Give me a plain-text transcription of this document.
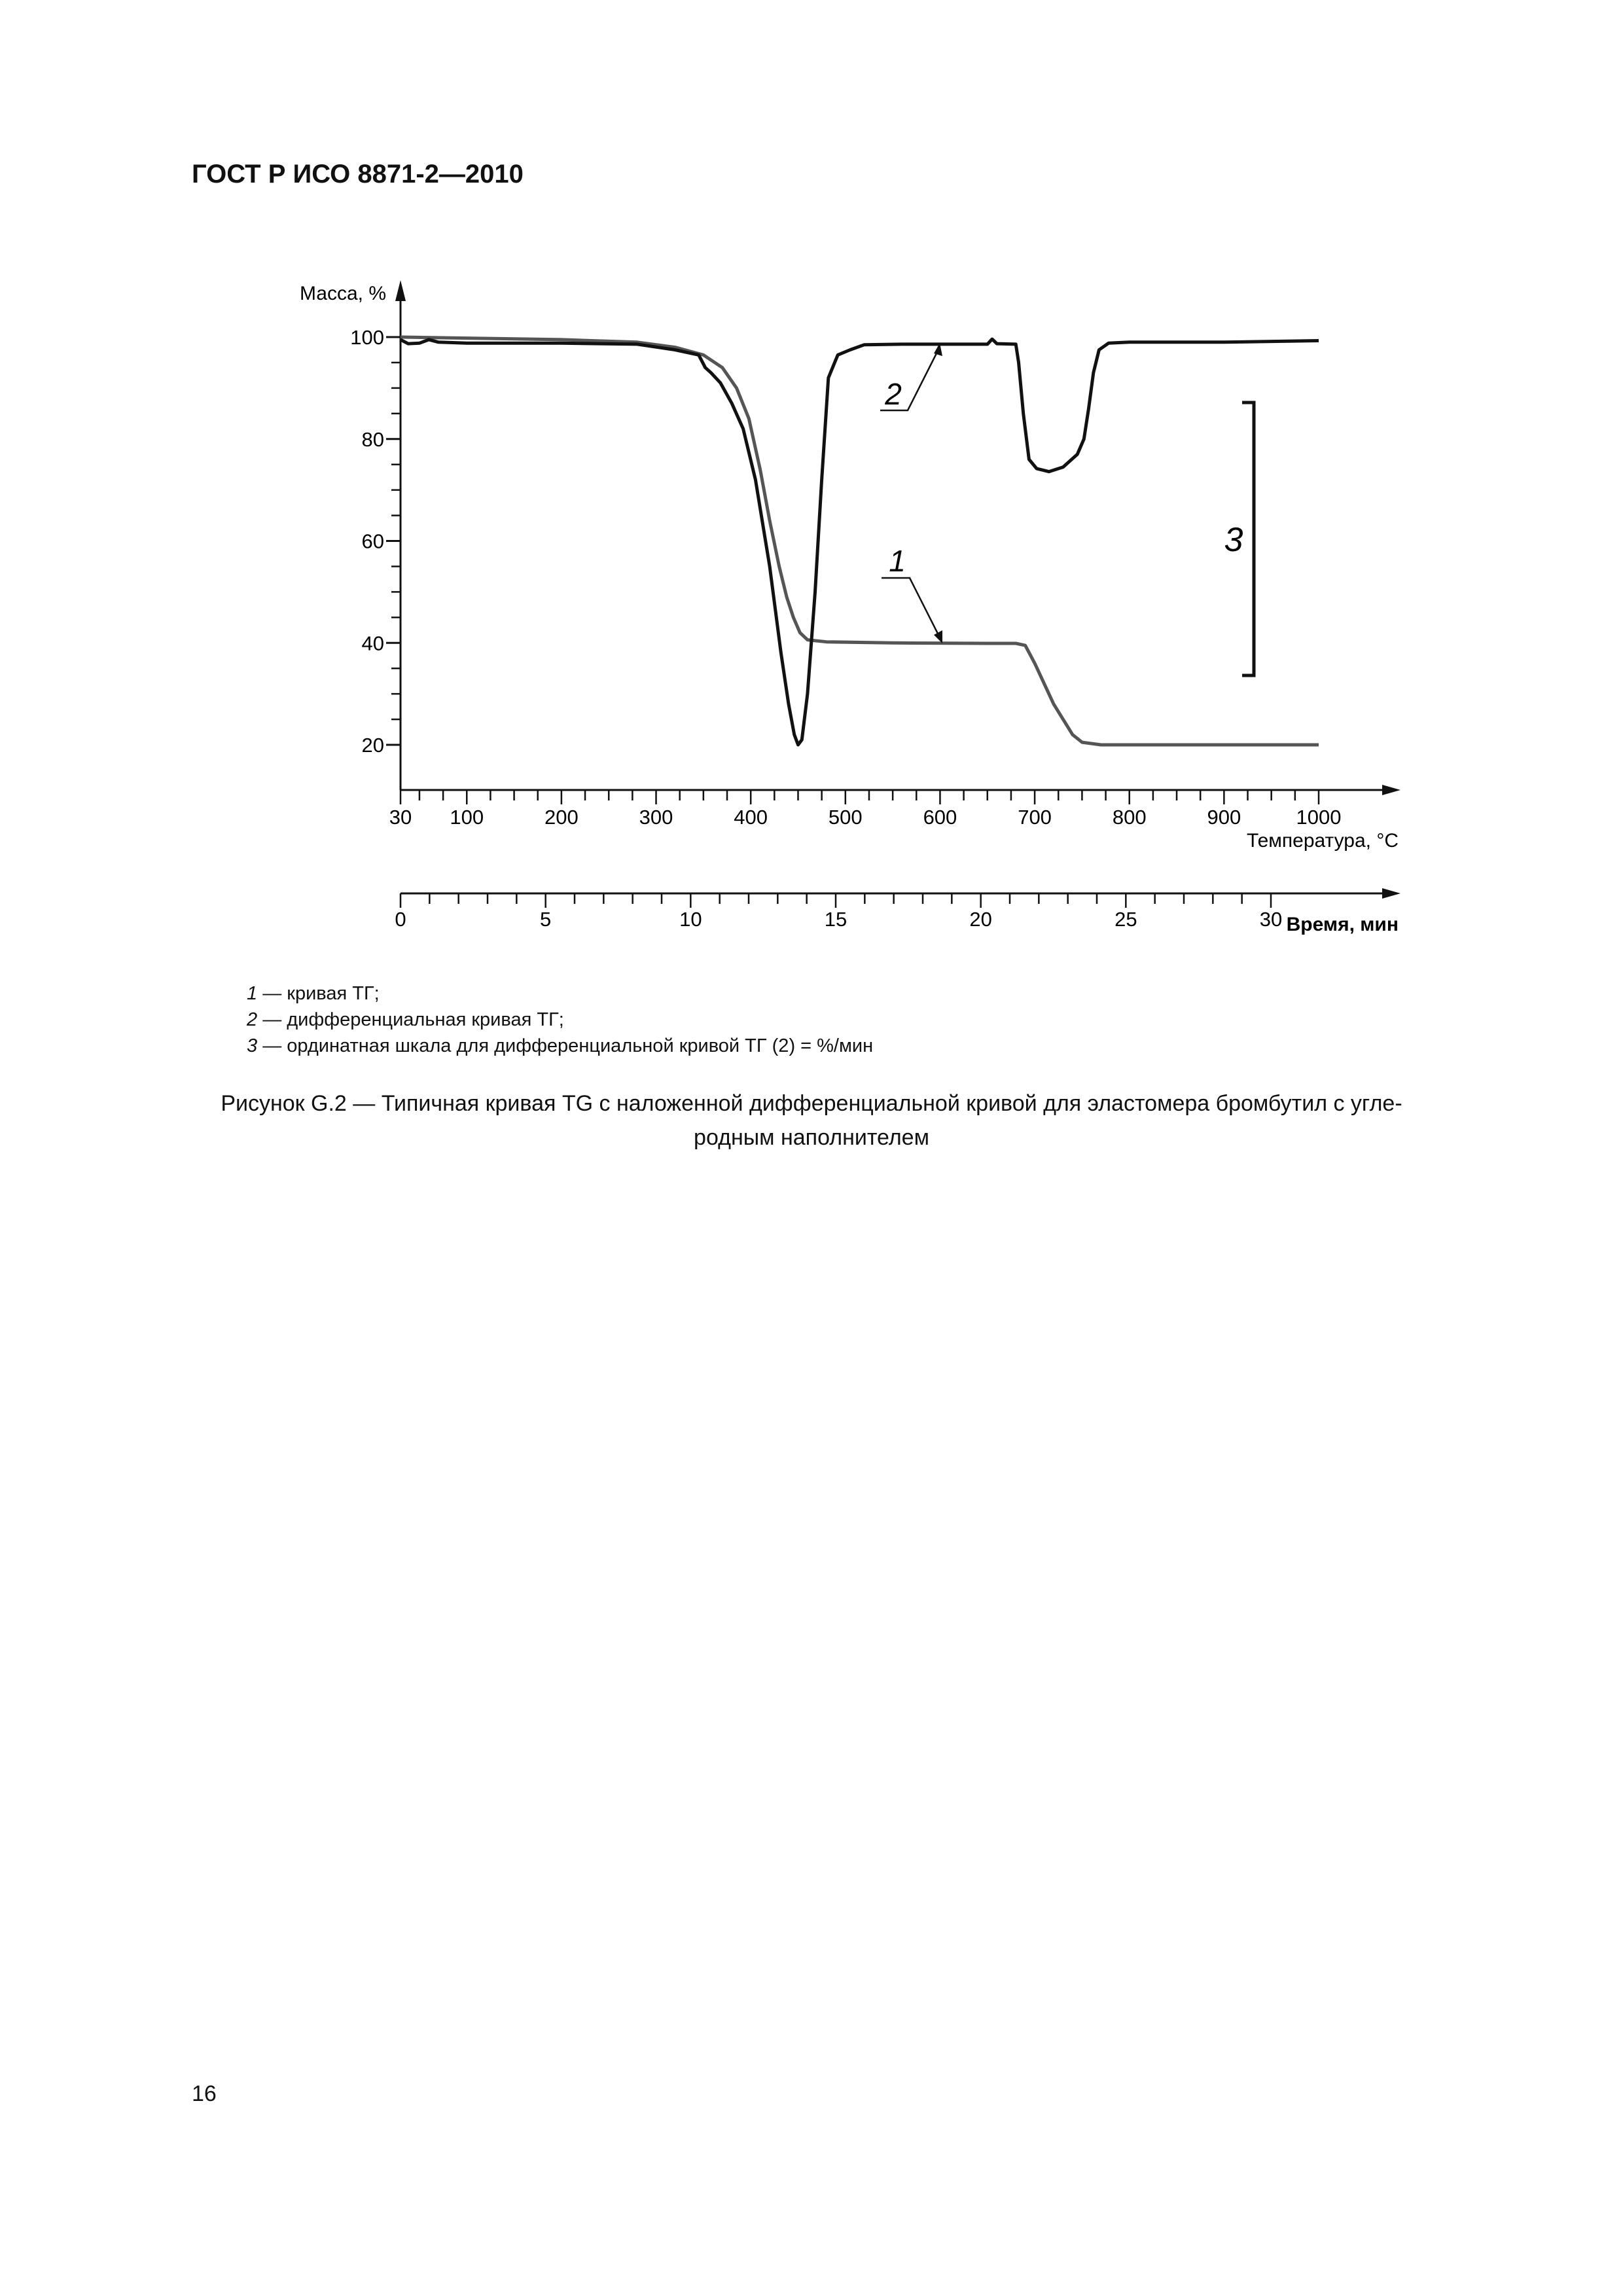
ГОСТ Р ИСО 8871-2—2010
100
80
60
40
20
30 100	200	300	400	500	600	700	800	900	1000
0	5	10	15	20	25	30
2
1
3
Масса, %
Температура, °С
Время, мин
1 — кривая ТГ;
2 — дифференциальная кривая ТГ;
3 — ординатная шкала для дифференциальной кривой ТГ (2) = %/мин
Рисунок G.2 — Типичная кривая TG с наложенной дифференциальной кривой для эластомера бромбутил с угле-
родным наполнителем
16
